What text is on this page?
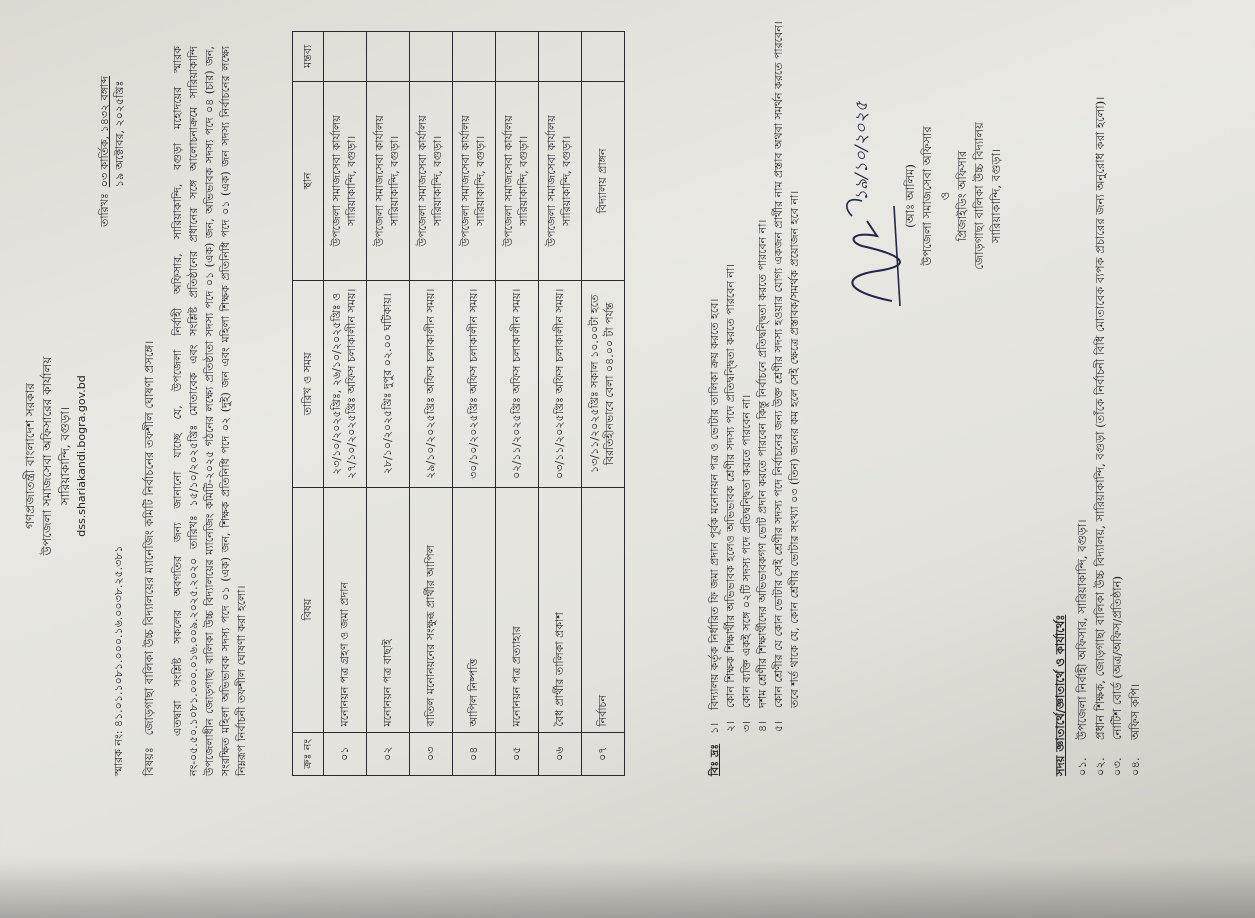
গণপ্রজাতন্ত্রী বাংলাদেশ সরকার উপজেলা সমাজসেবা অফিসারের কার্যালয় সারিয়াকান্দি, বগুড়া। dss.shariakandi.bogra.gov.bd
স্মারক নং: ৪১.০১.১০৮১.০০০.১৬.০০৩৮.২৫.৩৮১
তারিখঃ
০৩ কার্তিক, ১৪৩২ বঙ্গাব্দ ১৯ অক্টোবর, ২০২৫খ্রিঃ
বিষয়ঃ জোড়গাছা বালিকা উচ্চ বিদ্যালয়ের ম্যানেজিং কমিটি নির্বাচনের তফশীল ঘোষণা প্রসঙ্গে। এতদ্বারা সংশ্লিষ্ট সকলের অবগতির জন্য জানানো যাচ্ছে যে, উপজেলা নির্বাহী অফিসার, সারিয়াকান্দি, বগুড়া মহোদয়ের স্মারক নং-০৫.৫০.১০৮১.০০০.০১৬.০০৯.২০২৫.২০২০ তারিখঃ ১৫/১০/২০২৫খ্রিঃ মোতাবেক এবং সংশ্লিষ্ট প্রতিষ্ঠানের প্রধানের সঙ্গে আলোচনাক্রমে সারিয়াকান্দি উপজেলাধীন জোড়গাছা বালিকা উচ্চ বিদ্যালয়ের ম্যানেজিং কমিটি-২০২৫ গঠনের লক্ষ্যে প্রতিষ্ঠাতা সদস্য পদে ০১ (এক) জন, অভিভাবক সদস্য পদে ০৪ (চার) জন, সংরক্ষিত মহিলা অভিভাবক সদস্য পদে ০১ (এক) জন, শিক্ষক প্রতিনিধি পদে ০২ (দুই) জন এবং মহিলা শিক্ষক প্রতিনিধি পদে ০১ (এক) জন সদস্য নির্বাচনের লক্ষ্যে নিম্নরূপ নির্বাচনী তফশীল ঘোষণা করা হলো।	ক্রঃ নং	বিষয়	তারিখ ও সময়	স্থান	মন্তব্য
০১	মনোনয়ন পত্র গ্রহণ ও জমা প্রদান	২৩/১০/২০২৫খ্রিঃ, ২৬/১০/২০২৫খ্রিঃ ও ২৭/১০/২০২৫খ্রিঃ অফিস চলাকালীন সময়।	উপজেলা সমাজসেবা কার্যালয় সারিয়াকান্দি, বগুড়া।	
০২	মনোনয়ন পত্র বাছাই	২৮/১০/২০২৫খ্রিঃ দুপুর ০২.০০ ঘটিকায়।	উপজেলা সমাজসেবা কার্যালয় সারিয়াকান্দি, বগুড়া।	
০৩	বাতিল মনোনয়নের সংক্ষুব্ধ প্রার্থীর আপিল	২৯/১০/২০২৫খ্রিঃ অফিস চলাকালীন সময়।	উপজেলা সমাজসেবা কার্যালয় সারিয়াকান্দি, বগুড়া।	
০৪	আপিল নিষ্পত্তি	৩০/১০/২০২৫খ্রিঃ অফিস চলাকালীন সময়।	উপজেলা সমাজসেবা কার্যালয় সারিয়াকান্দি, বগুড়া।	
০৫	মনোনয়ন পত্র প্রত্যাহার	০২/১১/২০২৫খ্রিঃ অফিস চলাকালীন সময়।	উপজেলা সমাজসেবা কার্যালয় সারিয়াকান্দি, বগুড়া।	
০৬	বৈধ প্রার্থীর তালিকা প্রকাশ	০৩/১১/২০২৫খ্রিঃ অফিস চলাকালীন সময়।	উপজেলা সমাজসেবা কার্যালয় সারিয়াকান্দি, বগুড়া।	
০৭	নির্বাচন	১৩/১১/২০২৫খ্রিঃ সকাল ১০.০০টা হতে বিরতিহীনভাবে বেলা ০৪.০০ টা পর্যন্ত	বিদ্যালয় প্রাঙ্গন	
বিঃ দ্রঃ
১।
বিদ্যালয় কর্তৃক নির্ধারিত ফি জমা প্রদান পূর্বক মনোনয়ন পত্র ও ভোটার তালিকা ক্রয় করতে হবে।
২।
কোন শিক্ষক শিক্ষার্থীর অভিভাবক হলেও অভিভাবক শ্রেণীর সদস্য পদে প্রতিদ্বন্দ্বিতা করতে পারবেন না।
৩।
কোন ব্যক্তি একই সঙ্গে ০২টি সদস্য পদে প্রতিদ্বন্দ্বিতা করতে পারবেন না।
৪।
দশম শ্রেণীর শিক্ষার্থীদের অভিভাবকগণ ভোট প্রদান করতে পারবেন কিন্তু নির্বাচনে প্রতিদ্বন্দ্বিতা করতে পারবেন না।
৫।
কোন শ্রেণীর যে কোন ভোটার সেই শ্রেণীর সদস্য পদে নির্বাচনের জন্য উক্ত শ্রেণীর সদস্য হওয়ার যোগ্য একজন প্রার্থীর নাম প্রস্তাব অথবা সমর্থন করতে পারবেন। তবে শর্ত থাকে যে, কোন শ্রেণীর ভোটার সংখ্যা ০৩ (তিন) জনের কম হলে সেই ক্ষেত্রে প্রস্তাবক/সমর্থক প্রয়োজন হবে না।
১৯/১০/২০২৫	(আঃ আলিম) উপজেলা সমাজসেবা অফিসার ও প্রিজাইডিং অফিসার জোড়গাছা বালিকা উচ্চ বিদ্যালয় সারিয়াকান্দি, বগুড়া।
সদয় জ্ঞাতার্থে/জ্ঞাতার্থে ও কার্যার্থেঃ ০১.
উপজেলা নির্বাহী অফিসার, সারিয়াকান্দি, বগুড়া।
০২.
প্রধান শিক্ষক, জোড়গাছা বালিকা উচ্চ বিদ্যালয়, সারিয়াকান্দি, বগুড়া (তাঁকে নির্বাচনী বিধি মোতাবেক ব্যপক প্রচারের জন্য অনুরোধ করা হলো)।
০৩.
নোটিশ বোর্ড (অত্র/অফিস/প্রতিষ্ঠান)
০৪.
অফিস কপি।
